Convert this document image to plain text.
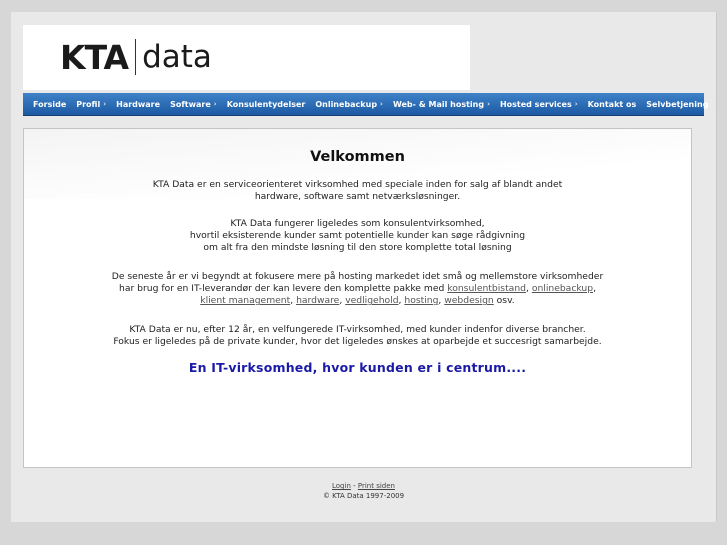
KTA data
Forside Profil › Hardware Software › Konsulentydelser Onlinebackup › Web- & Mail hosting › Hosted services › Kontakt os Selvbetjening ›
Velkommen
KTA Data er en serviceorienteret virksomhed med speciale inden for salg af blandt andet
hardware, software samt netværksløsninger.
KTA Data fungerer ligeledes som konsulentvirksomhed,
hvortil eksisterende kunder samt potentielle kunder kan søge rådgivning
om alt fra den mindste løsning til den store komplette total løsning
De seneste år er vi begyndt at fokusere mere på hosting markedet idet små og mellemstore virksomheder
har brug for en IT-leverandør der kan levere den komplette pakke med konsulentbistand, onlinebackup,
klient management, hardware, vedligehold, hosting, webdesign osv.
KTA Data er nu, efter 12 år, en velfungerede IT-virksomhed, med kunder indenfor diverse brancher.
Fokus er ligeledes på de private kunder, hvor det ligeledes ønskes at oparbejde et succesrigt samarbejde.
En IT-virksomhed, hvor kunden er i centrum....
Login - Print siden
© KTA Data 1997-2009
